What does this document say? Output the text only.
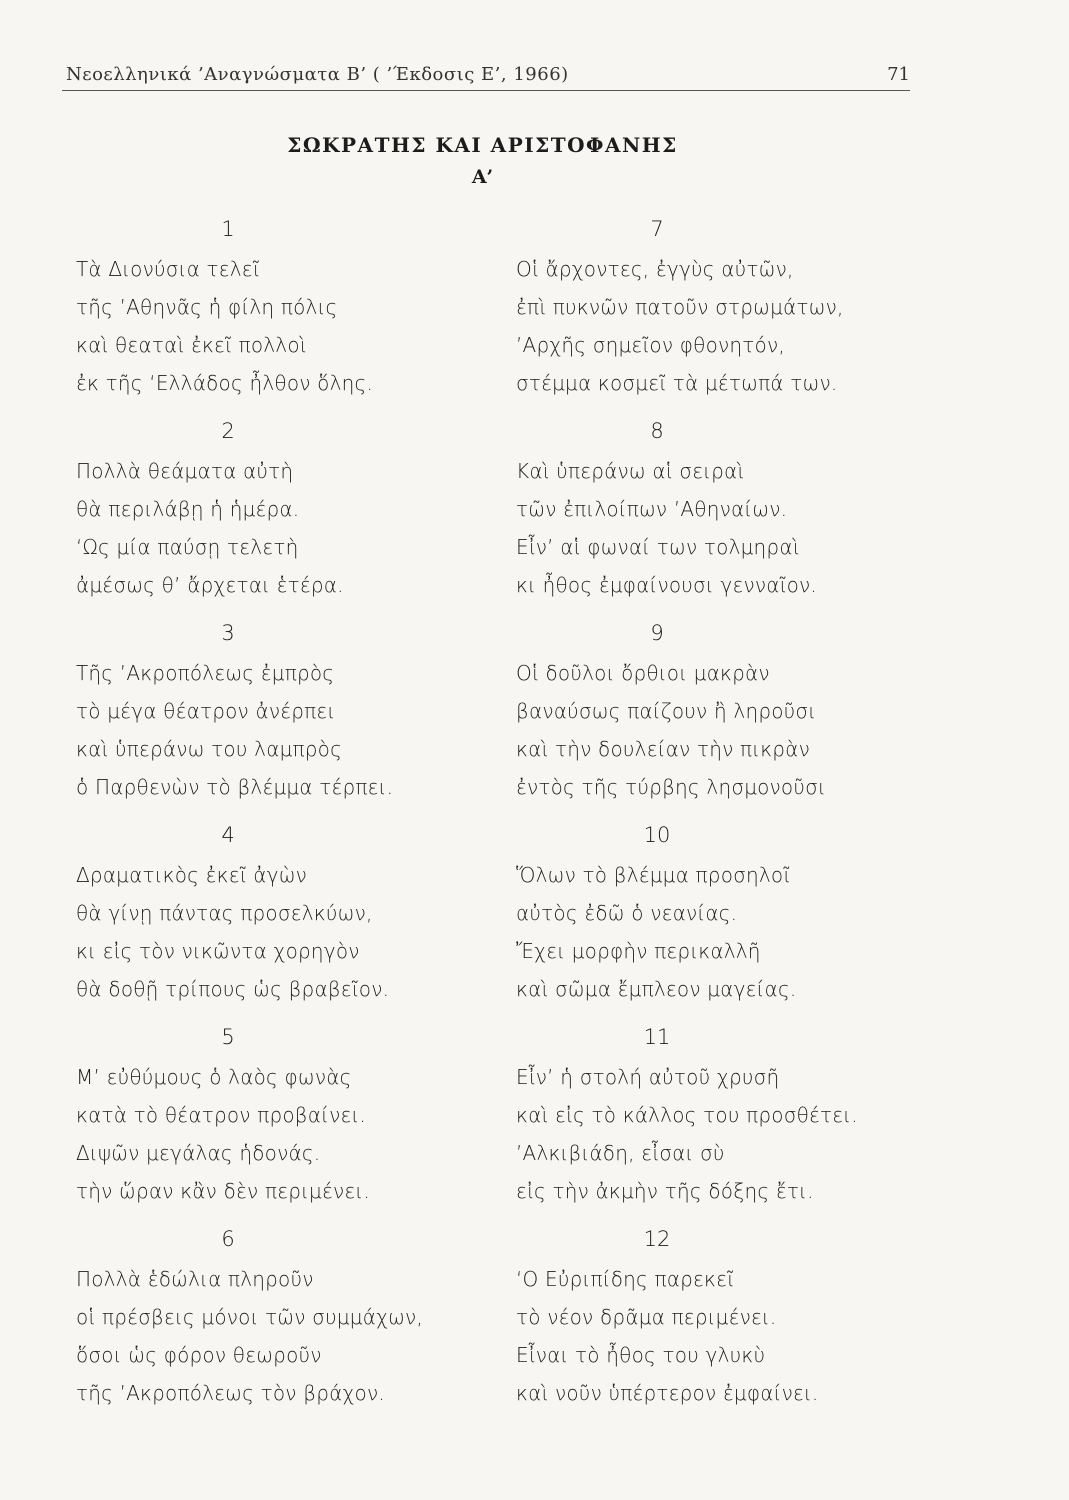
Νεοελληνικά ’Αναγνώσματα Β’ ( ’Έκδοσις Ε’, 1966)	71
ΣΩΚΡΑΤΗΣ ΚΑΙ ΑΡΙΣΤΟΦΑΝΗΣ
Α’
1
Τὰ Διονύσια τελεῖ
τῆς ’Αθηνᾶς ἡ φίλη πόλις
καὶ θεαταὶ ἐκεῖ πολλοὶ
ἐκ τῆς ‘Ελλάδος ἦλθον ὅλης.
2
Πολλὰ θεάματα αὐτὴ
θὰ περιλάβῃ ἡ ἡμέρα.
‘Ως μία παύσῃ τελετὴ
ἀμέσως θ’ ἄρχεται ἑτέρα.
3
Τῆς ’Ακροπόλεως ἐμπρὸς
τὸ μέγα θέατρον ἀνέρπει
καὶ ὑπεράνω του λαμπρὸς
ὁ Παρθενὼν τὸ βλέμμα τέρπει.
4
Δραματικὸς ἐκεῖ ἀγὼν
θὰ γίνῃ πάντας προσελκύων,
κι εἰς τὸν νικῶντα χορηγὸν
θὰ δοθῇ τρίπους ὡς βραβεῖον.
5
Μ’ εὐθύμους ὁ λαὸς φωνὰς
κατὰ τὸ θέατρον προβαίνει.
Διψῶν μεγάλας ἡδονάς.
τὴν ὥραν κἂν δὲν περιμένει.
6
Πολλὰ ἑδώλια πληροῦν
οἱ πρέσβεις μόνοι τῶν συμμάχων,
ὅσοι ὡς φόρον θεωροῦν
τῆς ’Ακροπόλεως τὸν βράχον.
7
Οἱ ἄρχοντες, ἐγγὺς αὐτῶν,
ἐπὶ πυκνῶν πατοῦν στρωμάτων,
’Αρχῆς σημεῖον φθονητόν,
στέμμα κοσμεῖ τὰ μέτωπά των.
8
Καὶ ὑπεράνω αἱ σειραὶ
τῶν ἐπιλοίπων ’Αθηναίων.
Εἶν’ αἱ φωναί των τολμηραὶ
κι ἦθος ἐμφαίνουσι γενναῖον.
9
Οἱ δοῦλοι ὄρθιοι μακρὰν
βαναύσως παίζουν ἢ ληροῦσι
καὶ τὴν δουλείαν τὴν πικρὰν
ἐντὸς τῆς τύρβης λησμονοῦσι
10
Ὅλων τὸ βλέμμα προσηλοῖ
αὐτὸς ἐδῶ ὁ νεανίας.
Ἔχει μορφὴν περικαλλῆ
καὶ σῶμα ἔμπλεον μαγείας.
11
Εἶν’ ἡ στολή αὐτοῦ χρυσῆ
καὶ εἰς τὸ κάλλος του προσθέτει.
’Αλκιβιάδη, εἶσαι σὺ
εἰς τὴν ἀκμὴν τῆς δόξης ἔτι.
12
‘Ο Εὐριπίδης παρεκεῖ
τὸ νέον δρᾶμα περιμένει.
Εἶναι τὸ ἦθος του γλυκὺ
καὶ νοῦν ὑπέρτερον ἐμφαίνει.
